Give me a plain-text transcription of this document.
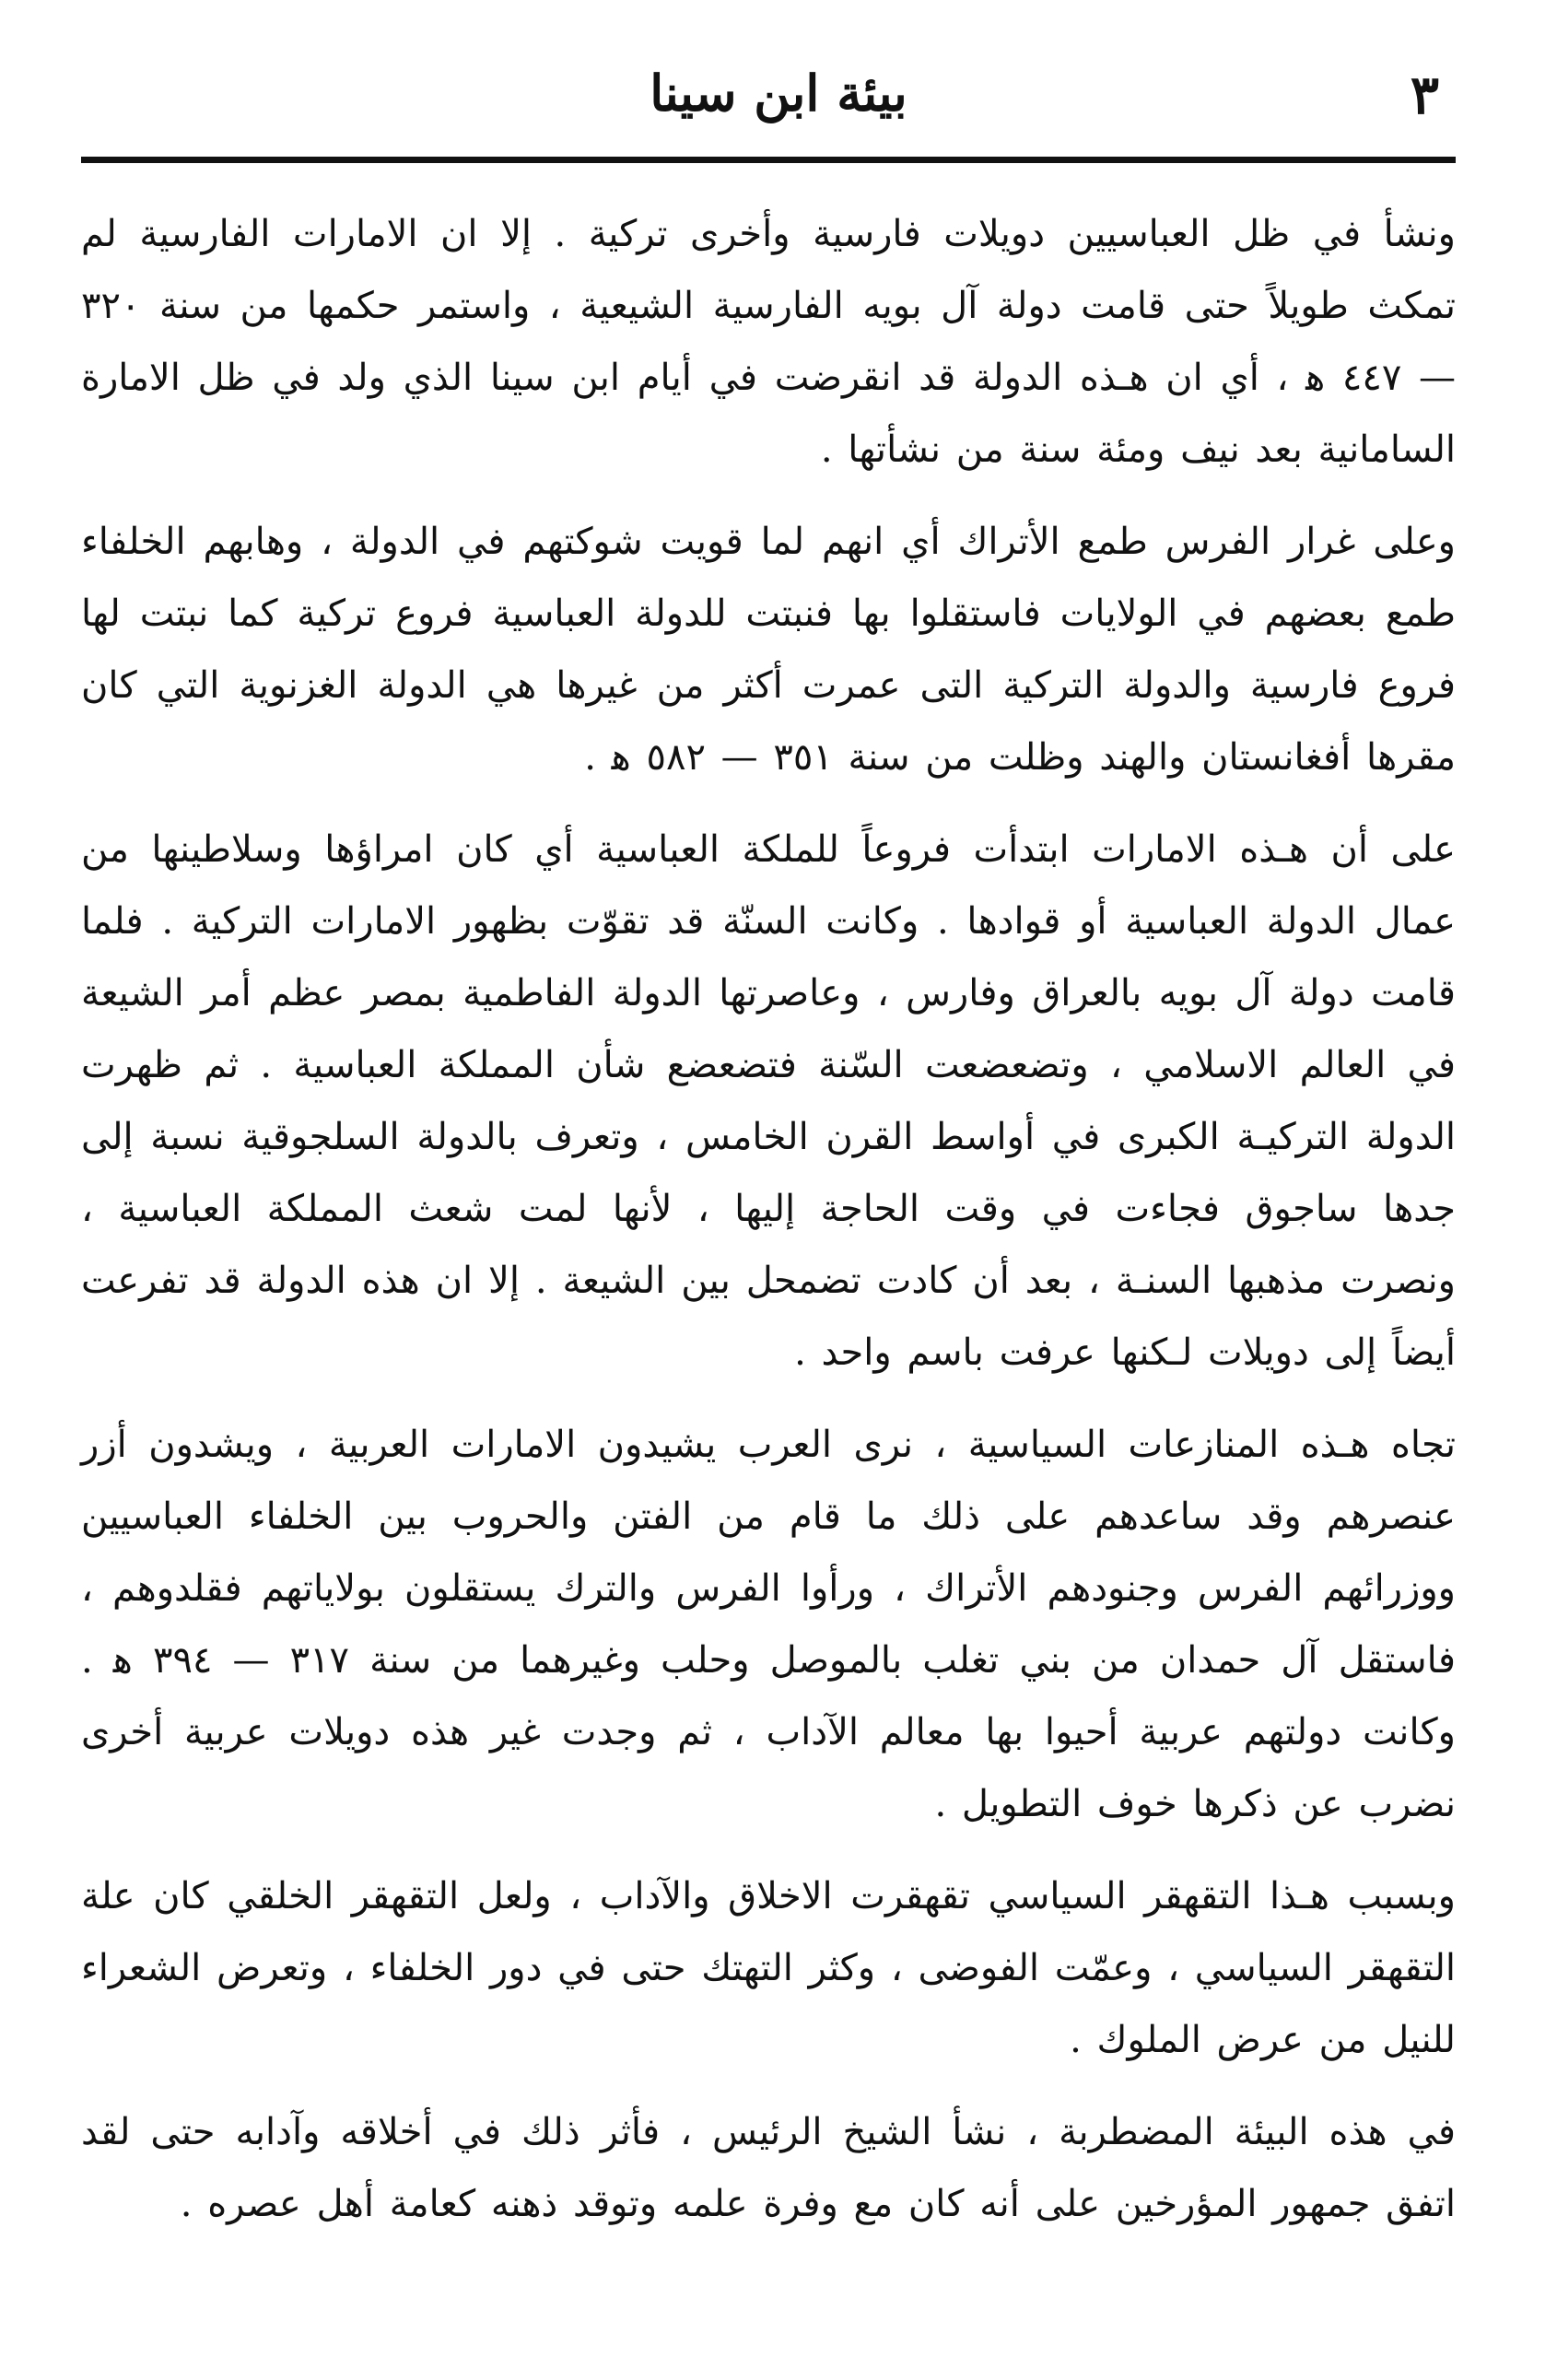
٣
بيئة ابن سينا

ونشأ في ظل العباسيين دويلات فارسية وأخرى تركية . إلا ان الامارات الفارسية لم تمكث طويلاً حتى قامت دولة آل بويه الفارسية الشيعية ، واستمر حكمها من سنة ٣٢٠ — ٤٤٧ ﻫ ، أي ان هـذه الدولة قد انقرضت في أيام ابن سينا الذي ولد في ظل الامارة السامانية بعد نيف ومئة سنة من نشأتها .

وعلى غرار الفرس طمع الأتراك أي انهم لما قويت شوكتهم في الدولة ، وهابهم الخلفاء طمع بعضهم في الولايات فاستقلوا بها فنبتت للدولة العباسية فروع تركية كما نبتت لها فروع فارسية والدولة التركية التى عمرت أكثر من غيرها هي الدولة الغزنوية التي كان مقرها أفغانستان والهند وظلت من سنة ٣٥١ — ٥٨٢ ﻫ .

على أن هـذه الامارات ابتدأت فروعاً للملكة العباسية أي كان امراؤها وسلاطينها من عمال الدولة العباسية أو قوادها . وكانت السنّة قد تقوّت بظهور الامارات التركية . فلما قامت دولة آل بويه بالعراق وفارس ، وعاصرتها الدولة الفاطمية بمصر عظم أمر الشيعة في العالم الاسلامي ، وتضعضعت السّنة فتضعضع شأن المملكة العباسية . ثم ظهرت الدولة التركيـة الكبرى في أواسط القرن الخامس ، وتعرف بالدولة السلجوقية نسبة إلى جدها ساجوق فجاءت في وقت الحاجة إليها ، لأنها لمت شعث المملكة العباسية ، ونصرت مذهبها السنـة ، بعد أن كادت تضمحل بين الشيعة . إلا ان هذه الدولة قد تفرعت أيضاً إلى دويلات لـكنها عرفت باسم واحد .

تجاه هـذه المنازعات السياسية ، نرى العرب يشيدون الامارات العربية ، ويشدون أزر عنصرهم وقد ساعدهم على ذلك ما قام من الفتن والحروب بين الخلفاء العباسيين ووزرائهم الفرس وجنودهم الأتراك ، ورأوا الفرس والترك يستقلون بولاياتهم فقلدوهم ، فاستقل آل حمدان من بني تغلب بالموصل وحلب وغيرهما من سنة ٣١٧ — ٣٩٤ ﻫ . وكانت دولتهم عربية أحيوا بها معالم الآداب ، ثم وجدت غير هذه دويلات عربية أخرى نضرب عن ذكرها خوف التطويل .

وبسبب هـذا التقهقر السياسي تقهقرت الاخلاق والآداب ، ولعل التقهقر الخلقي كان علة التقهقر السياسي ، وعمّت الفوضى ، وكثر التهتك حتى في دور الخلفاء ، وتعرض الشعراء للنيل من عرض الملوك .

في هذه البيئة المضطربة ، نشأ الشيخ الرئيس ، فأثر ذلك في أخلاقه وآدابه حتى لقد اتفق جمهور المؤرخين على أنه كان مع وفرة علمه وتوقد ذهنه كعامة أهل عصره .
